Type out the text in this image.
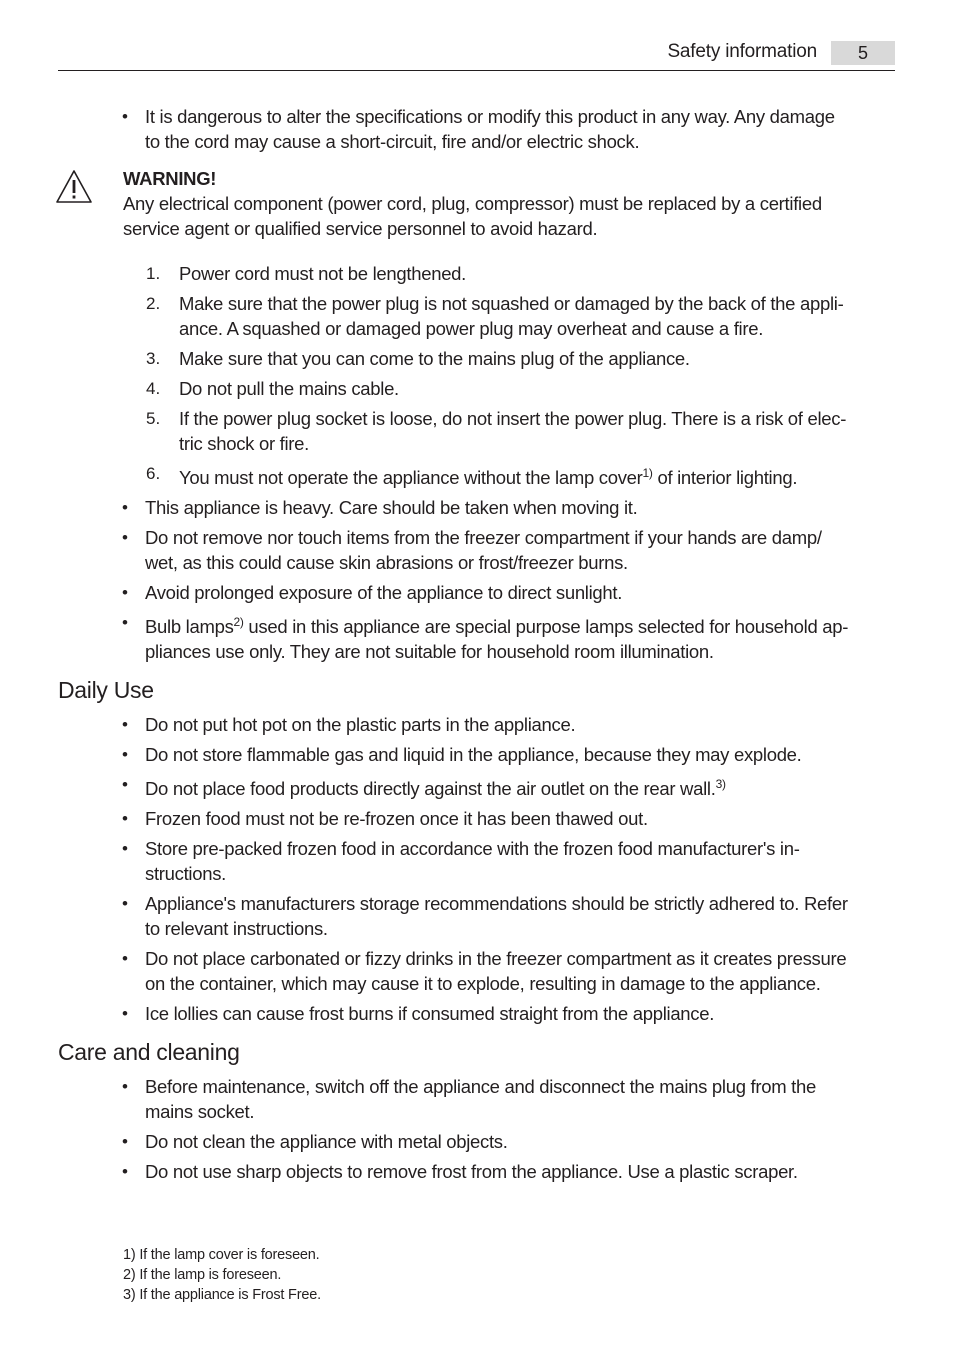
Safety information	5
• It is dangerous to alter the specifications or modify this product in any way. Any damage
to the cord may cause a short-circuit, fire and/or electric shock.
WARNING!
Any electrical component (power cord, plug, compressor) must be replaced by a certified
service agent or qualified service personnel to avoid hazard.
1. Power cord must not be lengthened.
2. Make sure that the power plug is not squashed or damaged by the back of the appli-
ance. A squashed or damaged power plug may overheat and cause a fire.
3. Make sure that you can come to the mains plug of the appliance.
4. Do not pull the mains cable.
5. If the power plug socket is loose, do not insert the power plug. There is a risk of elec-
tric shock or fire.
6. You must not operate the appliance without the lamp cover$^{1)}$ of interior lighting.
• This appliance is heavy. Care should be taken when moving it.
• Do not remove nor touch items from the freezer compartment if your hands are damp/
wet, as this could cause skin abrasions or frost/freezer burns.
• Avoid prolonged exposure of the appliance to direct sunlight.
• Bulb lamps$^{2)}$ used in this appliance are special purpose lamps selected for household ap-
pliances use only. They are not suitable for household room illumination.
Daily Use
• Do not put hot pot on the plastic parts in the appliance.
• Do not store flammable gas and liquid in the appliance, because they may explode.
• Do not place food products directly against the air outlet on the rear wall.$^{3)}$
• Frozen food must not be re-frozen once it has been thawed out.
• Store pre-packed frozen food in accordance with the frozen food manufacturer's in-
structions.
• Appliance's manufacturers storage recommendations should be strictly adhered to. Refer
to relevant instructions.
• Do not place carbonated or fizzy drinks in the freezer compartment as it creates pressure
on the container, which may cause it to explode, resulting in damage to the appliance.
• Ice lollies can cause frost burns if consumed straight from the appliance.
Care and cleaning
• Before maintenance, switch off the appliance and disconnect the mains plug from the
mains socket.
• Do not clean the appliance with metal objects.
• Do not use sharp objects to remove frost from the appliance. Use a plastic scraper.
1) If the lamp cover is foreseen.
2) If the lamp is foreseen.
3) If the appliance is Frost Free.
